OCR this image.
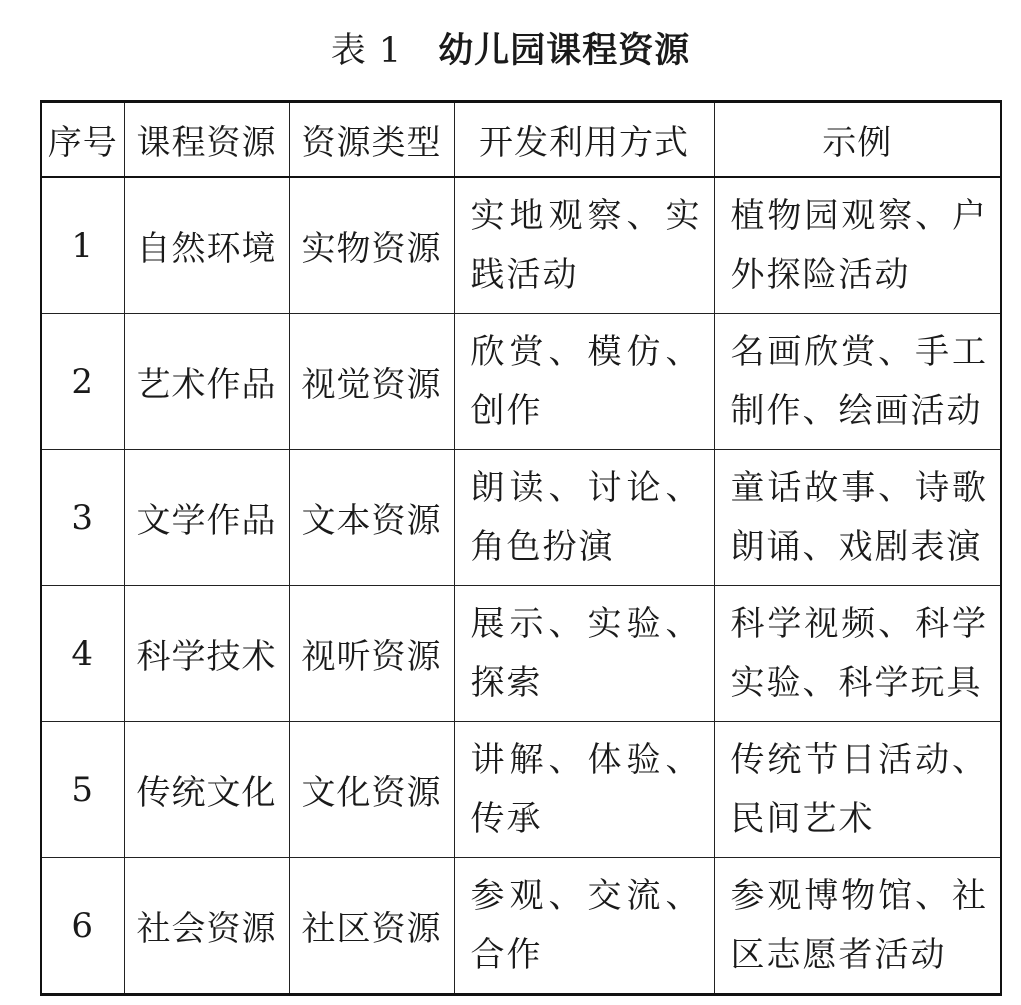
表 1 幼儿园课程资源
序号	课程资源	资源类型	开发利用方式	示例
1	自然环境	实物资源	实地观察、实践活动	植物园观察、户外探险活动
2	艺术作品	视觉资源	欣赏、模仿、创作	名画欣赏、手工制作、绘画活动
3	文学作品	文本资源	朗读、讨论、角色扮演	童话故事、诗歌朗诵、戏剧表演
4	科学技术	视听资源	展示、实验、探索	科学视频、科学实验、科学玩具
5	传统文化	文化资源	讲解、体验、传承	传统节日活动、民间艺术
6	社会资源	社区资源	参观、交流、合作	参观博物馆、社区志愿者活动
